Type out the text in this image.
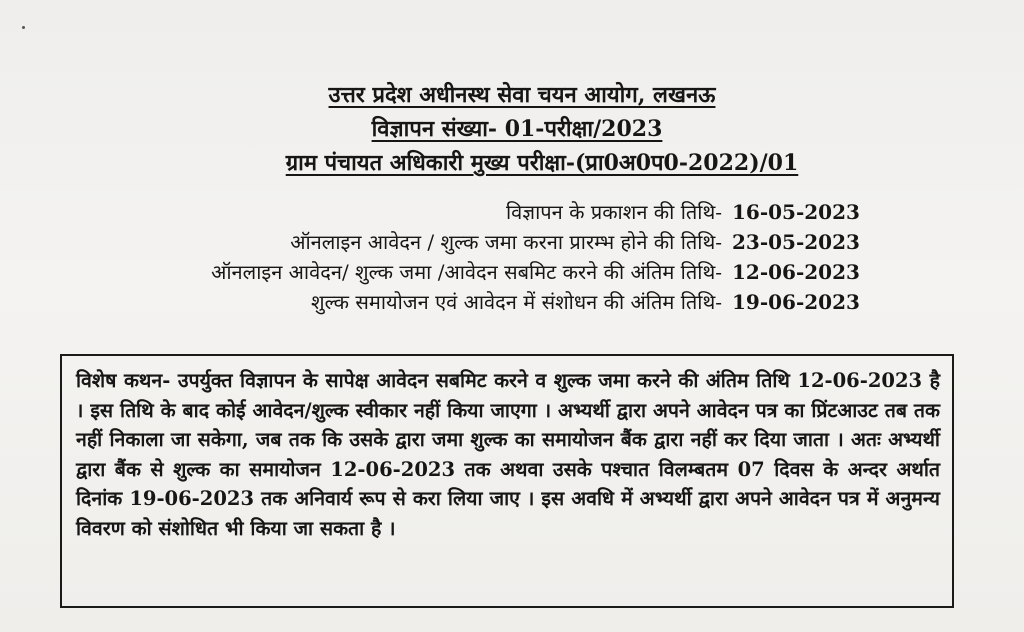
उत्तर प्रदेश अधीनस्थ सेवा चयन आयोग, लखनऊ
विज्ञापन संख्या- 01-परीक्षा/2023
ग्राम पंचायत अधिकारी मुख्य परीक्षा-(प्रा0अ0प0-2022)/01
विज्ञापन के प्रकाशन की तिथि- 16-05-2023
ऑनलाइन आवेदन / शुल्क जमा करना प्रारम्भ होने की तिथि- 23-05-2023
ऑनलाइन आवेदन/ शुल्क जमा /आवेदन सबमिट करने की अंतिम तिथि- 12-06-2023
शुल्क समायोजन एवं आवेदन में संशोधन की अंतिम तिथि- 19-06-2023

विशेष कथन- उपर्युक्त विज्ञापन के सापेक्ष आवेदन सबमिट करने व शुल्क जमा करने की अंतिम तिथि 12-06-2023 है । इस तिथि के बाद कोई आवेदन/शुल्क स्वीकार नहीं किया जाएगा । अभ्यर्थी द्वारा अपने आवेदन पत्र का प्रिंटआउट तब तक नहीं निकाला जा सकेगा, जब तक कि उसके द्वारा जमा शुल्क का समायोजन बैंक द्वारा नहीं कर दिया जाता । अतः अभ्यर्थी द्वारा बैंक से शुल्क का समायोजन 12-06-2023 तक अथवा उसके पश्चात विलम्बतम 07 दिवस के अन्दर अर्थात दिनांक 19-06-2023 तक अनिवार्य रूप से करा लिया जाए । इस अवधि में अभ्यर्थी द्वारा अपने आवेदन पत्र में अनुमन्य विवरण को संशोधित भी किया जा सकता है ।
